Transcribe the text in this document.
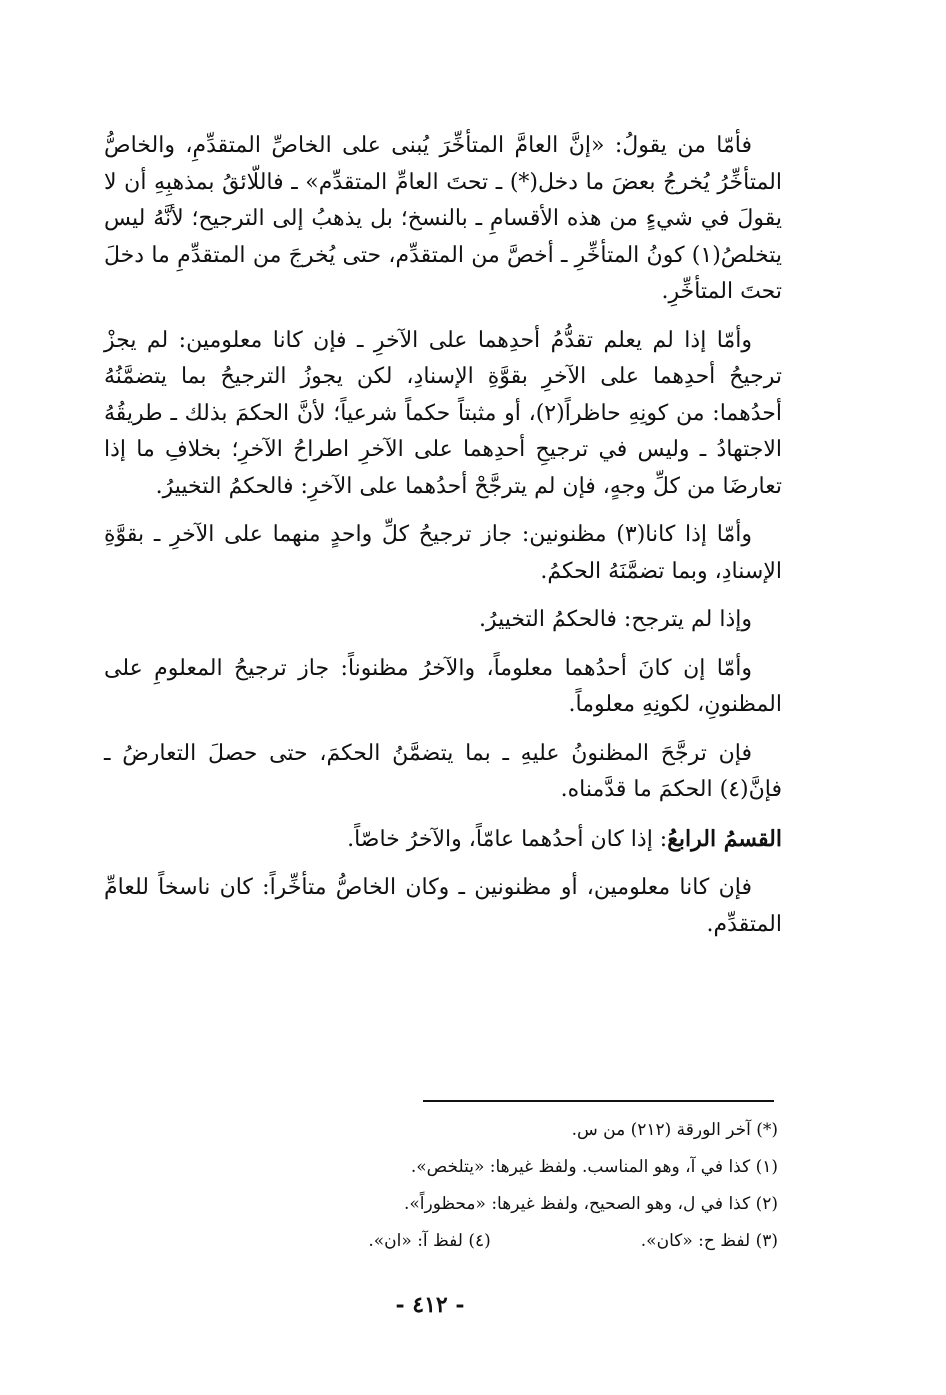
فأمّا من يقولُ: «إنَّ العامَّ المتأخِّرَ يُبنى على الخاصِّ المتقدِّمِ، والخاصُّ المتأخِّرُ يُخرجُ بعضَ ما دخل(*) ـ تحتَ العامِّ المتقدِّم» ـ فاللّائقُ بمذهبِهِ أن لا يقولَ في شيءٍ من هذه الأقسامِ ـ بالنسخ؛ بل يذهبُ إلى الترجيح؛ لأنَّهُ ليس يتخلصُ(١) كونُ المتأخِّرِ ـ أخصَّ من المتقدِّم، حتى يُخرجَ من المتقدِّمِ ما دخلَ تحتَ المتأخِّرِ.

وأمّا إذا لم يعلم تقدُّمُ أحدِهما على الآخرِ ـ فإن كانا معلومين: لم يجزْ ترجيحُ أحدِهما على الآخرِ بقوَّةِ الإسنادِ، لكن يجوزُ الترجيحُ بما يتضمَّنُهُ أحدُهما: من كونِهِ حاظراً(٢)، أو مثبتاً حكماً شرعياً؛ لأنَّ الحكمَ بذلك ـ طريقُهُ الاجتهادُ ـ وليس في ترجيحِ أحدِهما على الآخرِ اطراحُ الآخرِ؛ بخلافِ ما إذا تعارضَا من كلِّ وجهٍ، فإن لم يترجَّحْ أحدُهما على الآخرِ: فالحكمُ التخييرُ.

وأمّا إذا كانا(٣) مظنونين: جاز ترجيحُ كلِّ واحدٍ منهما على الآخرِ ـ بقوَّةِ الإسنادِ، وبما تضمَّنَهُ الحكمُ.

وإذا لم يترجح: فالحكمُ التخييرُ.

وأمّا إن كانَ أحدُهما معلوماً، والآخرُ مظنوناً: جاز ترجيحُ المعلومِ على المظنونِ، لكونِهِ معلوماً.

فإن ترجَّحَ المظنونُ عليهِ ـ بما يتضمَّنُ الحكمَ، حتى حصلَ التعارضُ ـ فإنَّ(٤) الحكمَ ما قدَّمناه.

القسمُ الرابعُ: إذا كان أحدُهما عامّاً، والآخرُ خاصّاً.

فإن كانا معلومين، أو مظنونين ـ وكان الخاصُّ متأخِّراً: كان ناسخاً للعامِّ المتقدِّم.

(*) آخر الورقة (٢١٢) من س.

(١) كذا في آ، وهو المناسب. ولفظ غيرها: «يتلخص».

(٢) كذا في ل، وهو الصحيح، ولفظ غيرها: «محظوراً».

(٣) لفظ ح: «كان».
(٤) لفظ آ: «ان».
- ٤١٢ -
